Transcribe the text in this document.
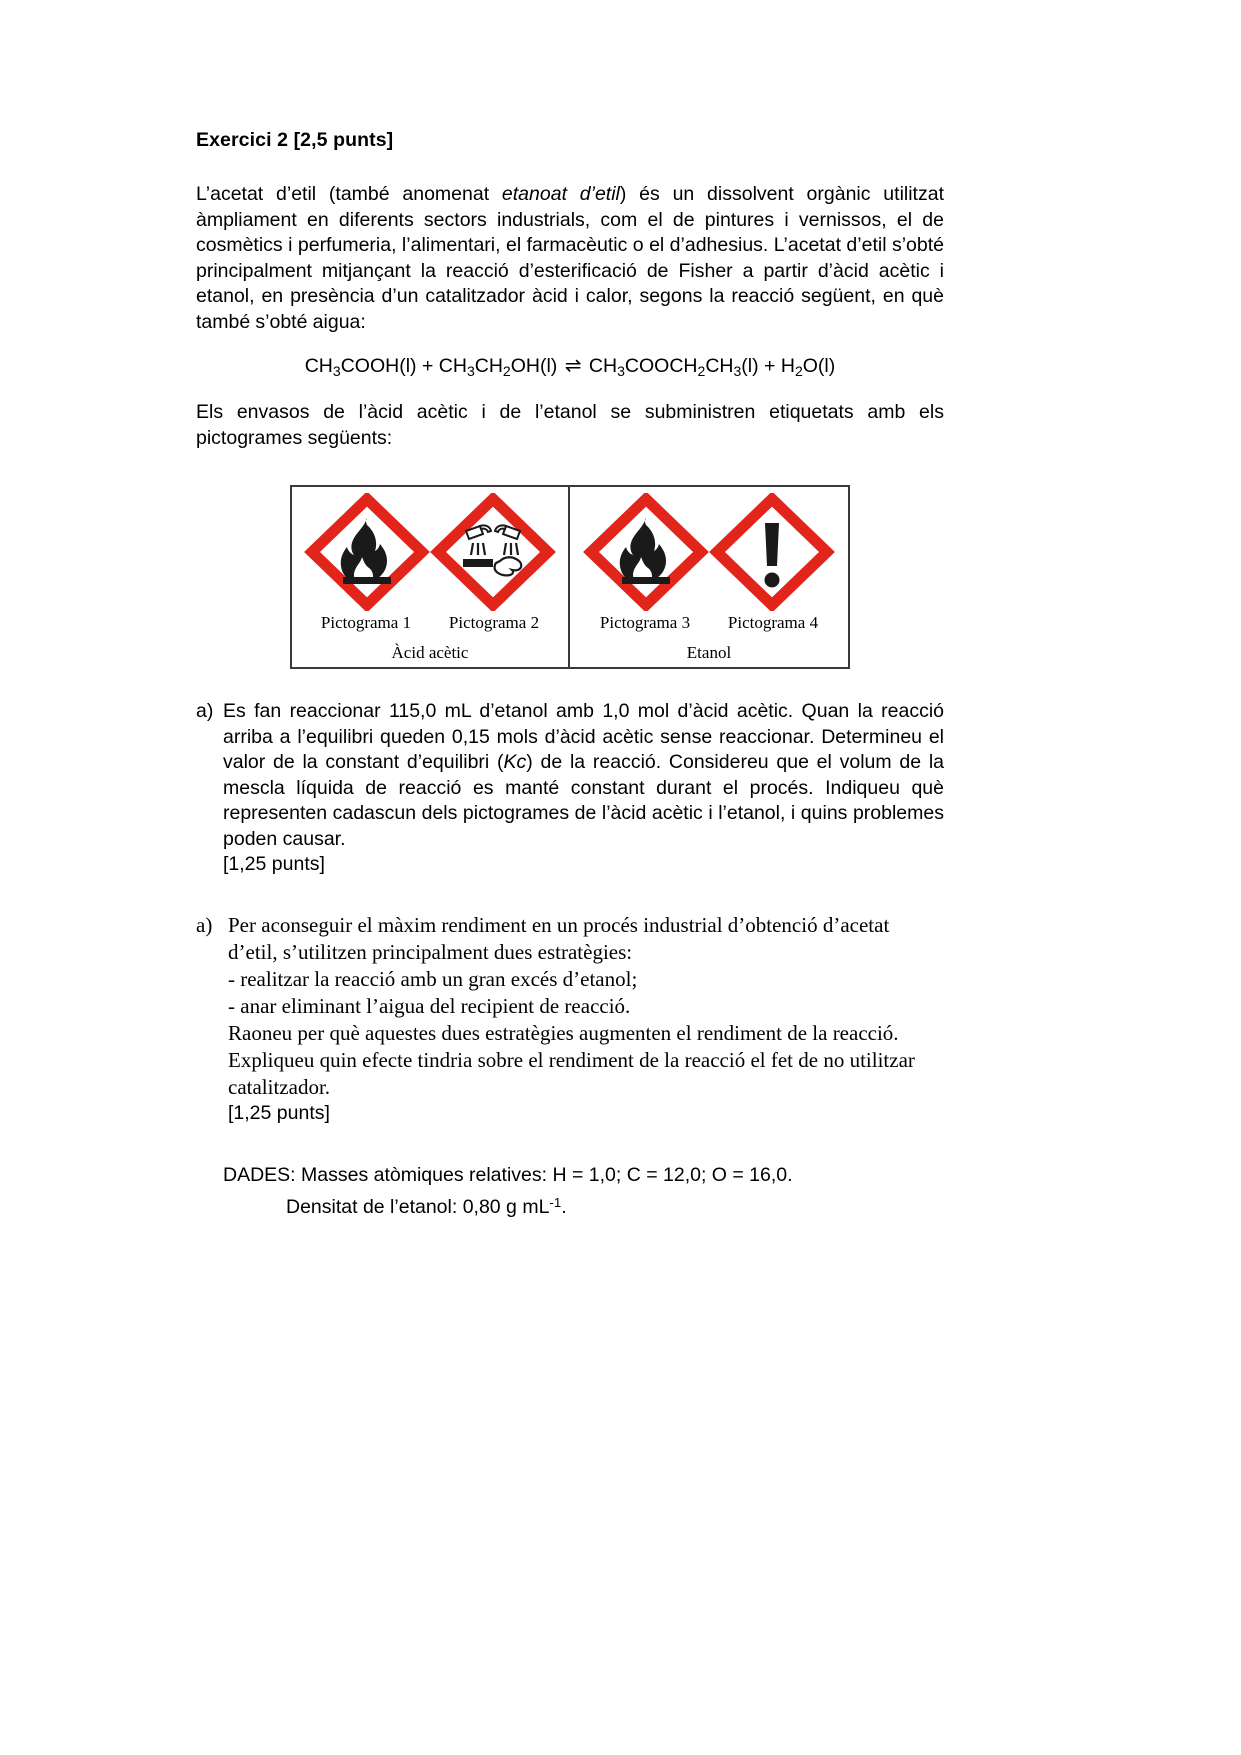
Exercici 2 [2,5 punts]

L’acetat d’etil (també anomenat etanoat d’etil) és un dissolvent orgànic utilitzat àmpliament en diferents sectors industrials, com el de pintures i vernissos, el de cosmètics i perfumeria, l’alimentari, el farmacèutic o el d’adhesius. L’acetat d’etil s’obté principalment mitjançant la reacció d’esterificació de Fisher a partir d’àcid acètic i etanol, en presència d’un catalitzador àcid i calor, segons la reacció següent, en què també s’obté aigua:

$CH_3COOH(l) + CH_3CH_2OH(l)$ ⇌ $CH_3COOCH_2CH_3(l) + H_2O(l)$

Els envasos de l’àcid acètic i de l’etanol se subministren etiquetats amb els pictogrames següents:

Pictograma 1	Pictograma 2
Àcid acètic
Pictograma 3	Pictograma 4
Etanol
a) Es fan reaccionar 115,0 mL d’etanol amb 1,0 mol d’àcid acètic. Quan la reacció arriba a l’equilibri queden 0,15 mols d’àcid acètic sense reaccionar. Determineu el valor de la constant d’equilibri (Kc) de la reacció. Considereu que el volum de la mescla líquida de reacció es manté constant durant el procés. Indiqueu què representen cadascun dels pictogrames de l’àcid acètic i l’etanol, i quins problemes poden causar.
[1,25 punts]
a) Per aconseguir el màxim rendiment en un procés industrial d’obtenció d’acetat d’etil, s’utilitzen principalment dues estratègies:
- realitzar la reacció amb un gran excés d’etanol;
- anar eliminant l’aigua del recipient de reacció.
Raoneu per què aquestes dues estratègies augmenten el rendiment de la reacció. Expliqueu quin efecte tindria sobre el rendiment de la reacció el fet de no utilitzar catalitzador.
[1,25 punts]
DADES: Masses atòmiques relatives: H = 1,0; C = 12,0; O = 16,0.
Densitat de l’etanol: 0,80 g $mL^{-1}$.
